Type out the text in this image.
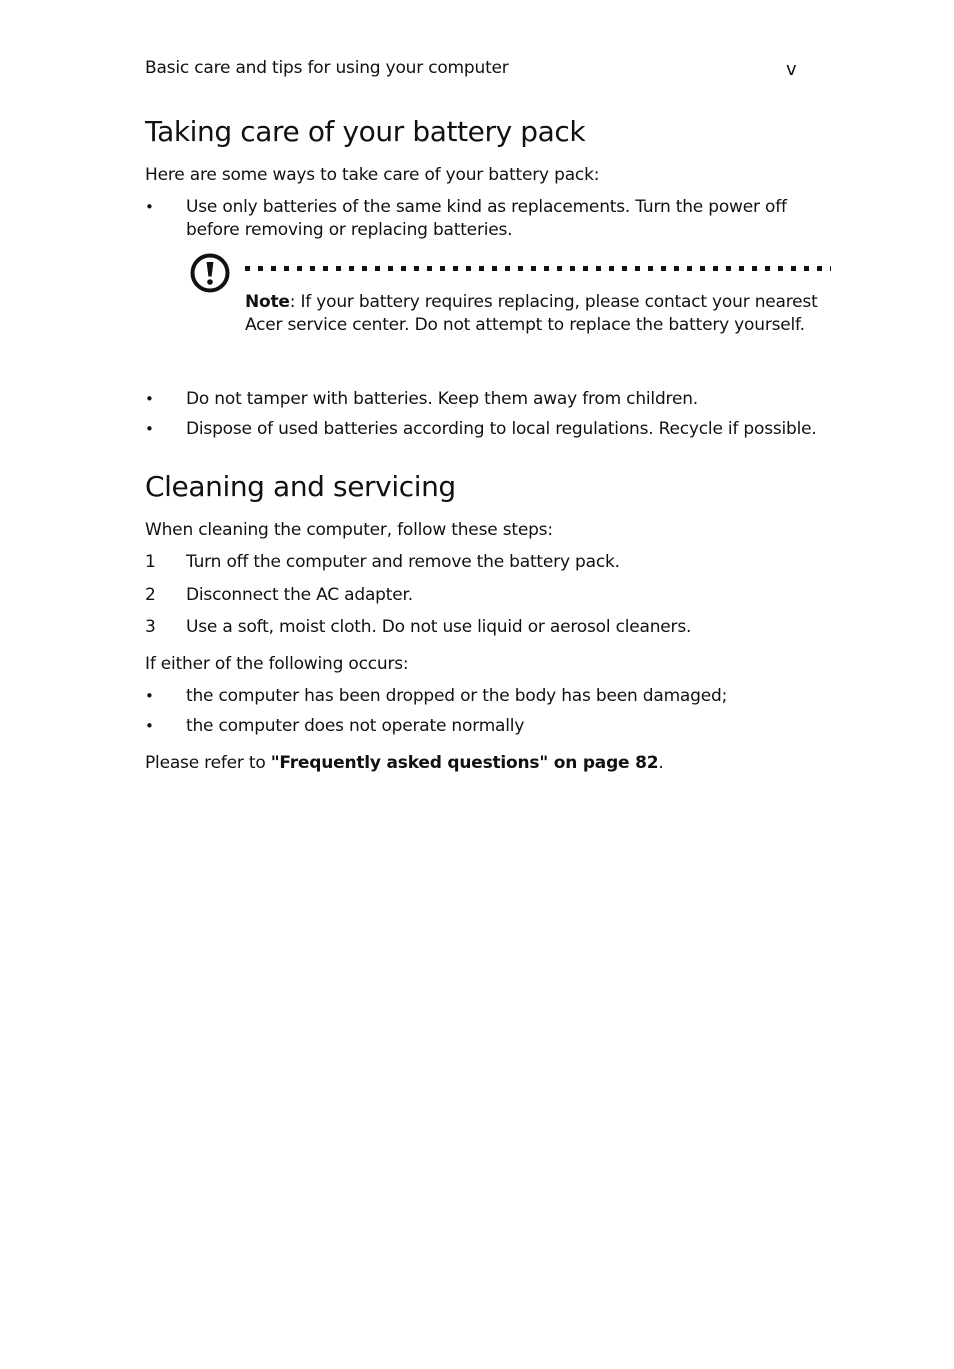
Basic care and tips for using your computer	v
Taking care of your battery pack

Here are some ways to take care of your battery pack:

• Use only batteries of the same kind as replacements. Turn the power off before removing or replacing batteries.
Note: If your battery requires replacing, please contact your nearest Acer service center. Do not attempt to replace the battery yourself.
• Do not tamper with batteries. Keep them away from children.
• Dispose of used batteries according to local regulations. Recycle if possible.
Cleaning and servicing

When cleaning the computer, follow these steps:

1 Turn off the computer and remove the battery pack.
2 Disconnect the AC adapter.
3 Use a soft, moist cloth. Do not use liquid or aerosol cleaners.

If either of the following occurs:

• the computer has been dropped or the body has been damaged;
• the computer does not operate normally

Please refer to "Frequently asked questions" on page 82.
